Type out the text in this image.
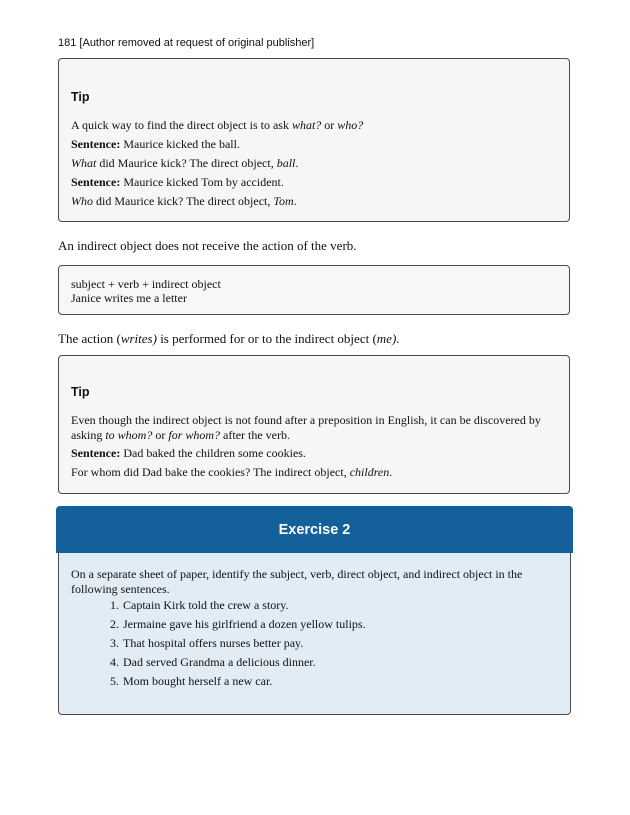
181 [Author removed at request of original publisher]
Tip
A quick way to find the direct object is to ask what? or who?
Sentence: Maurice kicked the ball.
What did Maurice kick? The direct object, ball.
Sentence: Maurice kicked Tom by accident.
Who did Maurice kick? The direct object, Tom.
An indirect object does not receive the action of the verb.
subject + verb + indirect object
Janice writes me a letter
The action (writes) is performed for or to the indirect object (me).
Tip
Even though the indirect object is not found after a preposition in English, it can be discovered by asking to whom? or for whom? after the verb.
Sentence: Dad baked the children some cookies.
For whom did Dad bake the cookies? The indirect object, children.
Exercise 2
On a separate sheet of paper, identify the subject, verb, direct object, and indirect object in the following sentences.
1. Captain Kirk told the crew a story.
2. Jermaine gave his girlfriend a dozen yellow tulips.
3. That hospital offers nurses better pay.
4. Dad served Grandma a delicious dinner.
5. Mom bought herself a new car.
